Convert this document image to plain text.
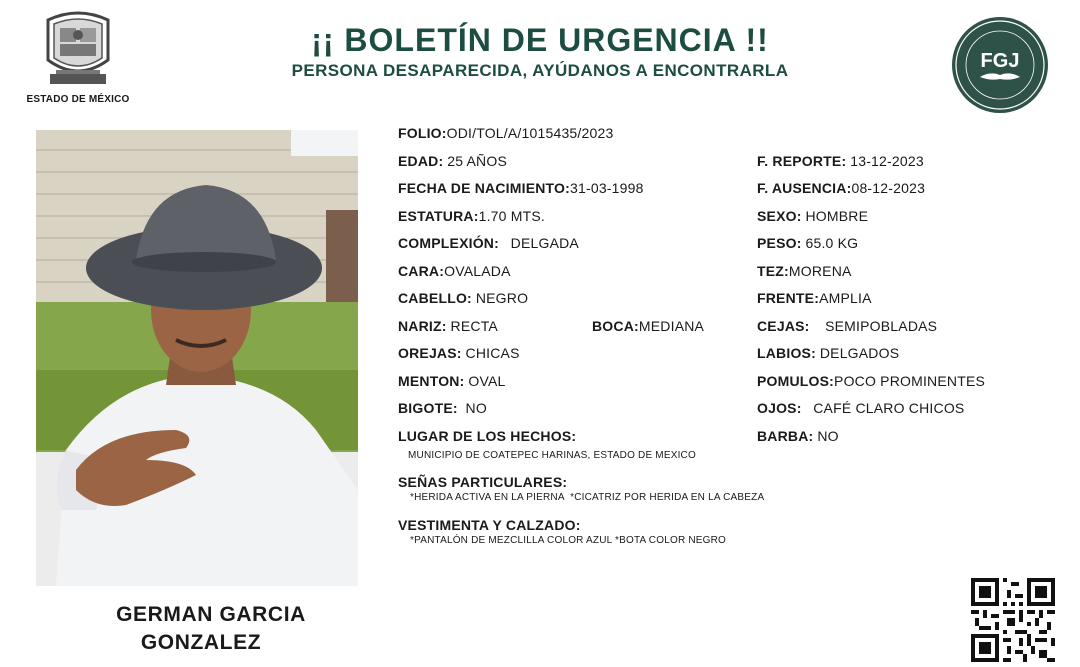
ESTADO DE MÉXICO
¡¡ BOLETÍN DE URGENCIA !!
PERSONA DESAPARECIDA, AYÚDANOS A ENCONTRARLA	FGJ
GERMAN GARCIA
GONZALEZ
FOLIO:ODI/TOL/A/1015435/2023
EDAD: 25 AÑOS
FECHA DE NACIMIENTO:31-03-1998
ESTATURA:1.70 MTS.
COMPLEXIÓN: DELGADA
CARA:OVALADA
CABELLO: NEGRO
NARIZ: RECTA	BOCA:MEDIANA
OREJAS: CHICAS
MENTON: OVAL
BIGOTE: NO
LUGAR DE LOS HECHOS:
MUNICIPIO DE COATEPEC HARINAS, ESTADO DE MEXICO
SEÑAS PARTICULARES:
*HERIDA ACTIVA EN LA PIERNA  *CICATRIZ POR HERIDA EN LA CABEZA
VESTIMENTA Y CALZADO:
*PANTALÓN DE MEZCLILLA COLOR AZUL *BOTA COLOR NEGRO
F. REPORTE: 13-12-2023
F. AUSENCIA:08-12-2023
SEXO: HOMBRE
PESO: 65.0 KG
TEZ:MORENA
FRENTE:AMPLIA
CEJAS: SEMIPOBLADAS
LABIOS: DELGADOS
POMULOS:POCO PROMINENTES
OJOS: CAFÉ CLARO CHICOS
BARBA: NO
